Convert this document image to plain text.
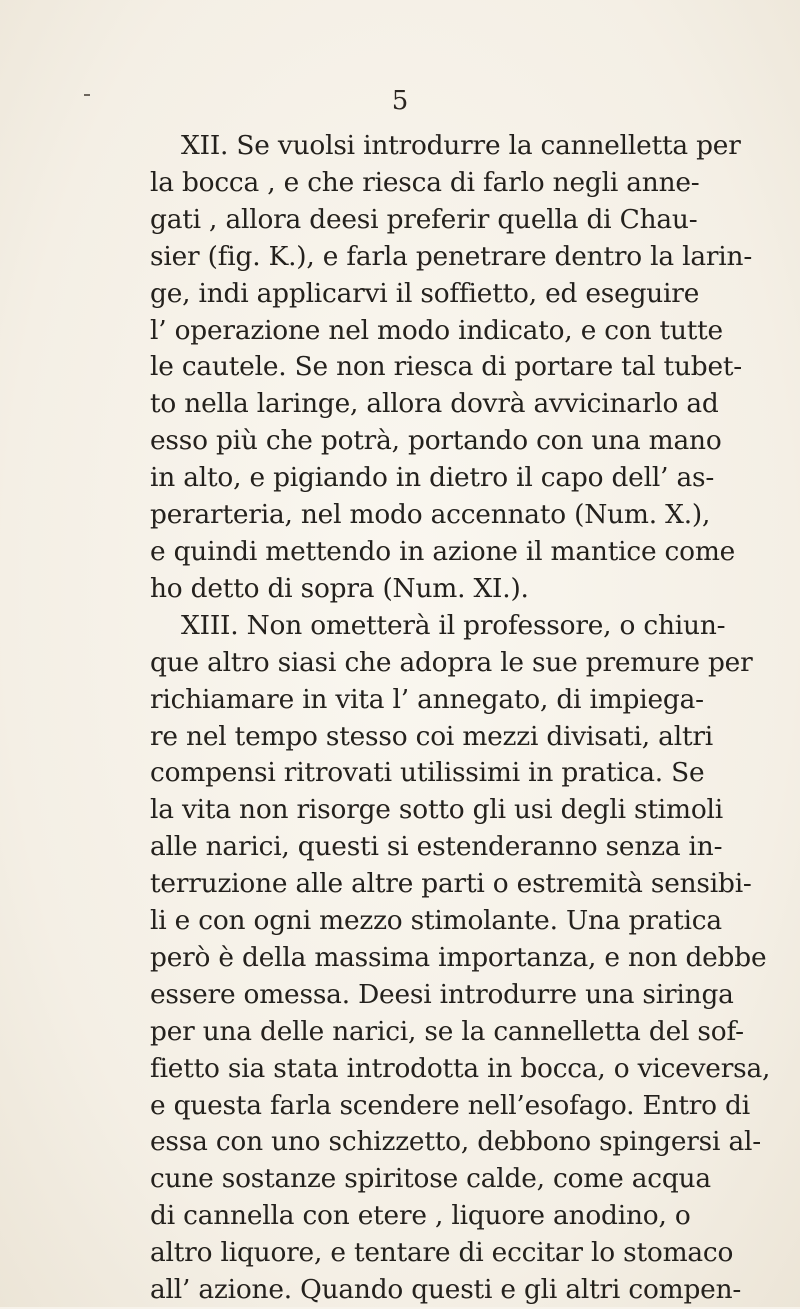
5
XII. Se vuolsi introdurre la cannelletta per
la bocca , e che riesca di farlo negli anne-
gati , allora deesi preferir quella di Chau-
sier (fig. K.), e farla penetrare dentro la larin-
ge, indi applicarvi il soffietto, ed eseguire
l’ operazione nel modo indicato, e con tutte
le cautele. Se non riesca di portare tal tubet-
to nella laringe, allora dovrà avvicinarlo ad
esso più che potrà, portando con una mano
in alto, e pigiando in dietro il capo dell’ as-
perarteria, nel modo accennato (Num. X.),
e quindi mettendo in azione il mantice come
ho detto di sopra (Num. XI.).
XIII. Non ometterà il professore, o chiun-
que altro siasi che adopra le sue premure per
richiamare in vita l’ annegato, di impiega-
re nel tempo stesso coi mezzi divisati, altri
compensi ritrovati utilissimi in pratica. Se
la vita non risorge sotto gli usi degli stimoli
alle narici, questi si estenderanno senza in-
terruzione alle altre parti o estremità sensibi-
li e con ogni mezzo stimolante. Una pratica
però è della massima importanza, e non debbe
essere omessa. Deesi introdurre una siringa
per una delle narici, se la cannelletta del sof-
fietto sia stata introdotta in bocca, o viceversa,
e questa farla scendere nell’esofago. Entro di
essa con uno schizzetto, debbono spingersi al-
cune sostanze spiritose calde, come acqua
di cannella con etere , liquore anodino, o
altro liquore, e tentare di eccitar lo stomaco
all’ azione. Quando questi e gli altri compen-
